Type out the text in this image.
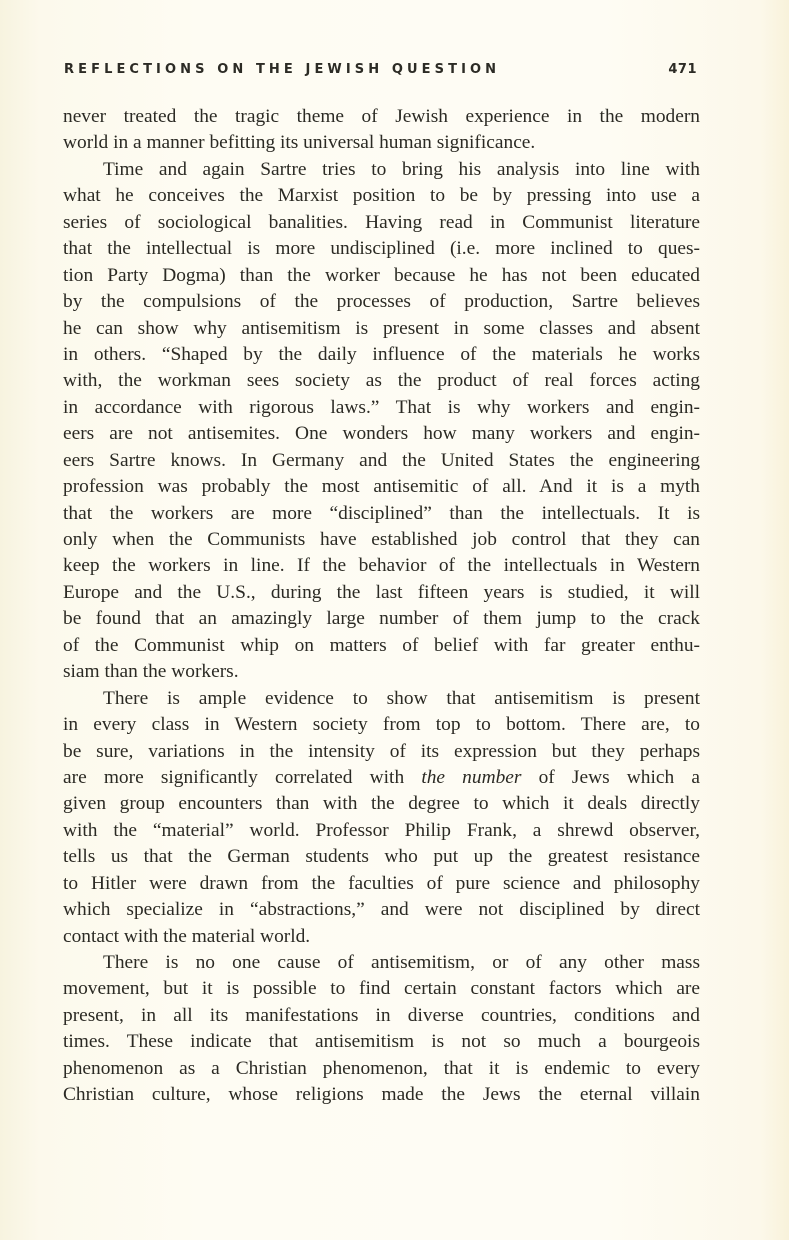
REFLECTIONS ON THE JEWISH QUESTION	471
never treated the tragic theme of Jewish experience in the modern
world in a manner befitting its universal human significance.
Time and again Sartre tries to bring his analysis into line with
what he conceives the Marxist position to be by pressing into use a
series of sociological banalities. Having read in Communist literature
that the intellectual is more undisciplined (i.e. more inclined to ques-
tion Party Dogma) than the worker because he has not been educated
by the compulsions of the processes of production, Sartre believes
he can show why antisemitism is present in some classes and absent
in others. “Shaped by the daily influence of the materials he works
with, the workman sees society as the product of real forces acting
in accordance with rigorous laws.” That is why workers and engin-
eers are not antisemites. One wonders how many workers and engin-
eers Sartre knows. In Germany and the United States the engineering
profession was probably the most antisemitic of all. And it is a myth
that the workers are more “disciplined” than the intellectuals. It is
only when the Communists have established job control that they can
keep the workers in line. If the behavior of the intellectuals in Western
Europe and the U.S., during the last fifteen years is studied, it will
be found that an amazingly large number of them jump to the crack
of the Communist whip on matters of belief with far greater enthu-
siam than the workers.
There is ample evidence to show that antisemitism is present
in every class in Western society from top to bottom. There are, to
be sure, variations in the intensity of its expression but they perhaps
are more significantly correlated with the number of Jews which a
given group encounters than with the degree to which it deals directly
with the “material” world. Professor Philip Frank, a shrewd observer,
tells us that the German students who put up the greatest resistance
to Hitler were drawn from the faculties of pure science and philosophy
which specialize in “abstractions,” and were not disciplined by direct
contact with the material world.
There is no one cause of antisemitism, or of any other mass
movement, but it is possible to find certain constant factors which are
present, in all its manifestations in diverse countries, conditions and
times. These indicate that antisemitism is not so much a bourgeois
phenomenon as a Christian phenomenon, that it is endemic to every
Christian culture, whose religions made the Jews the eternal villain
